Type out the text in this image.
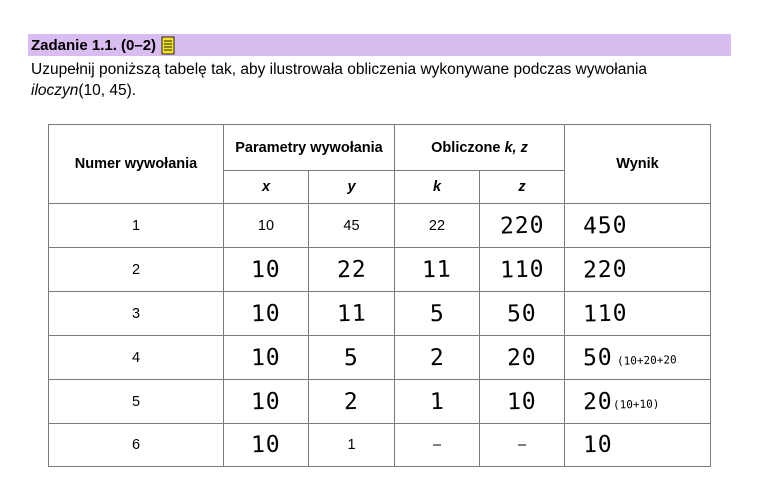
Zadanie 1.1. (0–2)
Uzupełnij poniższą tabelę tak, aby ilustrowała obliczenia wykonywane podczas wywołania
iloczyn(10, 45).
Numer wywołania	Parametry wywołania		Obliczone k, z		Wynik
	x	y	k	z	
1	10	45	22	220	450
2	10	22	11	110	220
3	10	11	5	50	110
4	10	5	2	20	50 (10+20+20
5	10	2	1	10	20(10+10)
6	10	1	–	–	10
